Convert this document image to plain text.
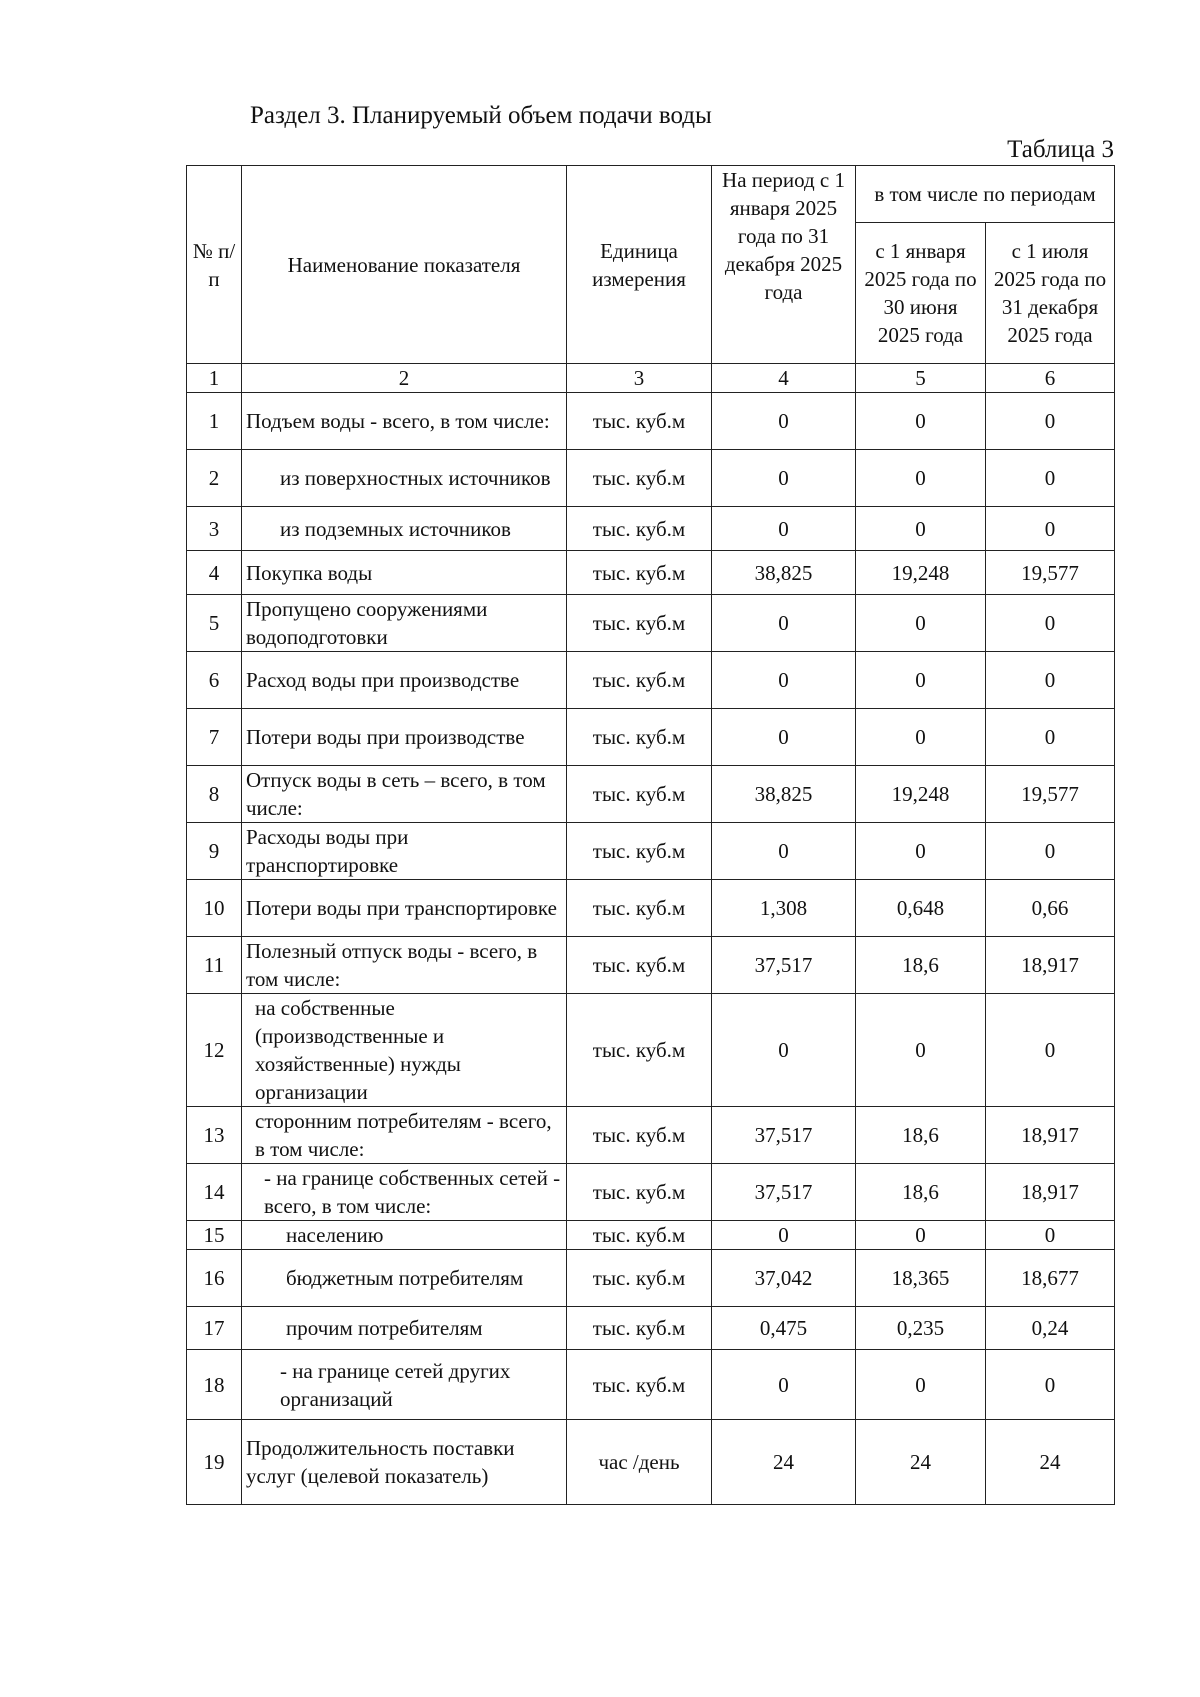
Раздел 3. Планируемый объем подачи воды
Таблица 3
№ п/п	Наименование показателя	Единица измерения	На период с 1 января 2025 года по 31 декабря 2025 года	в том числе по периодам	
				с 1 января 2025 года по 30 июня 2025 года	с 1 июля 2025 года по 31 декабря 2025 года
1	2	3	4	5	6
1	Подъем воды - всего, в том числе:	тыс. куб.м	0	0	0
2	из поверхностных источников	тыс. куб.м	0	0	0
3	из подземных источников	тыс. куб.м	0	0	0
4	Покупка воды	тыс. куб.м	38,825	19,248	19,577
5	Пропущено сооружениями водоподготовки	тыс. куб.м	0	0	0
6	Расход воды при производстве	тыс. куб.м	0	0	0
7	Потери воды при производстве	тыс. куб.м	0	0	0
8	Отпуск воды в сеть – всего, в том числе:	тыс. куб.м	38,825	19,248	19,577
9	Расходы воды при транспортировке	тыс. куб.м	0	0	0
10	Потери воды при транспортировке	тыс. куб.м	1,308	0,648	0,66
11	Полезный отпуск воды - всего, в том числе:	тыс. куб.м	37,517	18,6	18,917
12	на собственные (производственные и хозяйственные) нужды организации	тыс. куб.м	0	0	0
13	сторонним потребителям - всего, в том числе:	тыс. куб.м	37,517	18,6	18,917
14	- на границе собственных сетей - всего, в том числе:	тыс. куб.м	37,517	18,6	18,917
15	населению	тыс. куб.м	0	0	0
16	бюджетным потребителям	тыс. куб.м	37,042	18,365	18,677
17	прочим потребителям	тыс. куб.м	0,475	0,235	0,24
18	- на границе сетей других организаций	тыс. куб.м	0	0	0
19	Продолжительность поставки услуг (целевой показатель)	час /день	24	24	24
